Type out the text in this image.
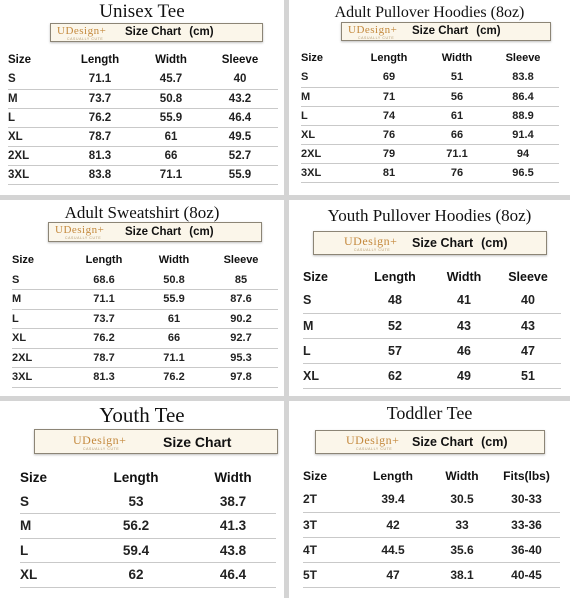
Unisex Tee
UDesign+
CASUALLY CUTE
Size Chart (cm)
Size	Length	Width	Sleeve
S	71.1	45.7	40
M	73.7	50.8	43.2
L	76.2	55.9	46.4
XL	78.7	61	49.5
2XL	81.3	66	52.7
3XL	83.8	71.1	55.9
Adult Pullover Hoodies (8oz)
UDesign+
CASUALLY CUTE
Size Chart (cm)
Size	Length	Width	Sleeve
S	69	51	83.8
M	71	56	86.4
L	74	61	88.9
XL	76	66	91.4
2XL	79	71.1	94
3XL	81	76	96.5
Adult Sweatshirt (8oz)
UDesign+
CASUALLY CUTE Size Chart (cm)
Size	Length	Width	Sleeve
S	68.6	50.8	85
M	71.1	55.9	87.6
L	73.7	61	90.2
XL	76.2	66	92.7
2XL	78.7	71.1	95.3
3XL	81.3	76.2	97.8
Youth Pullover Hoodies (8oz)
UDesign+
CASUALLY CUTE Size Chart (cm)
Size	Length	Width	Sleeve
S	48	41	40
M	52	43	43
L	57	46	47
XL	62	49	51
Youth Tee
UDesign+
CASUALLY CUTE	Size Chart
Size	Length	Width
S	53	38.7
M	56.2	41.3
L	59.4	43.8
XL	62	46.4
Toddler Tee
UDesign+
CASUALLY CUTE Size Chart (cm)
Size	Length	Width	Fits(lbs)
2T	39.4	30.5	30-33
3T	42	33	33-36
4T	44.5	35.6	36-40
5T	47	38.1	40-45
